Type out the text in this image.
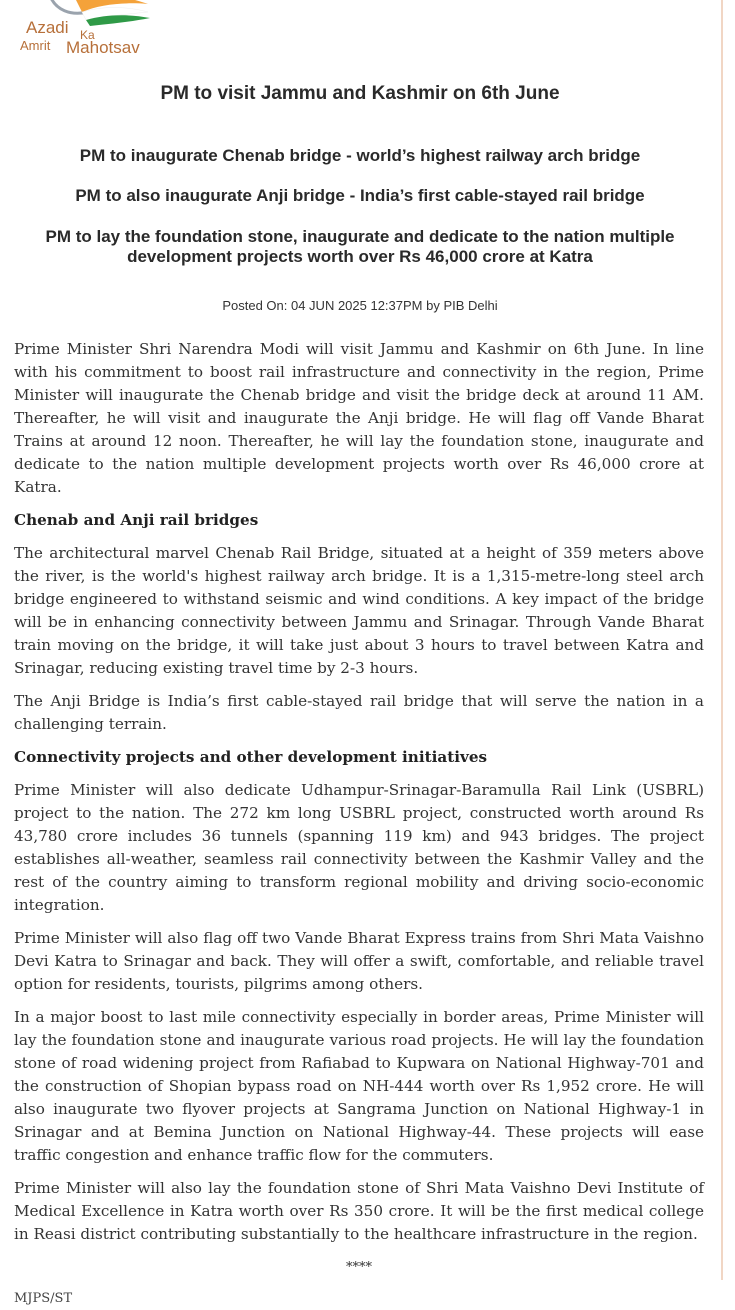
Azadi Ka
Amrit Mahotsav
PM to visit Jammu and Kashmir on 6th June
PM to inaugurate Chenab bridge - world’s highest railway arch bridge
PM to also inaugurate Anji bridge - India’s first cable-stayed rail bridge
PM to lay the foundation stone, inaugurate and dedicate to the nation multiple development projects worth over Rs 46,000 crore at Katra
Posted On: 04 JUN 2025 12:37PM by PIB Delhi

Prime Minister Shri Narendra Modi will visit Jammu and Kashmir on 6th June. In line with his commitment to boost rail infrastructure and connectivity in the region, Prime Minister will inaugurate the Chenab bridge and visit the bridge deck at around 11 AM. Thereafter, he will visit and inaugurate the Anji bridge. He will flag off Vande Bharat Trains at around 12 noon. Thereafter, he will lay the foundation stone, inaugurate and dedicate to the nation multiple development projects worth over Rs 46,000 crore at Katra.

Chenab and Anji rail bridges

The architectural marvel Chenab Rail Bridge, situated at a height of 359 meters above the river, is the world's highest railway arch bridge. It is a 1,315-metre-long steel arch bridge engineered to withstand seismic and wind conditions. A key impact of the bridge will be in enhancing connectivity between Jammu and Srinagar. Through Vande Bharat train moving on the bridge, it will take just about 3 hours to travel between Katra and Srinagar, reducing existing travel time by 2-3 hours.

The Anji Bridge is India’s first cable-stayed rail bridge that will serve the nation in a challenging terrain.

Connectivity projects and other development initiatives

Prime Minister will also dedicate Udhampur-Srinagar-Baramulla Rail Link (USBRL) project to the nation. The 272 km long USBRL project, constructed worth around Rs 43,780 crore includes 36 tunnels (spanning 119 km) and 943 bridges. The project establishes all-weather, seamless rail connectivity between the Kashmir Valley and the rest of the country aiming to transform regional mobility and driving socio-economic integration.

Prime Minister will also flag off two Vande Bharat Express trains from Shri Mata Vaishno Devi Katra to Srinagar and back. They will offer a swift, comfortable, and reliable travel option for residents, tourists, pilgrims among others.

In a major boost to last mile connectivity especially in border areas, Prime Minister will lay the foundation stone and inaugurate various road projects. He will lay the foundation stone of road widening project from Rafiabad to Kupwara on National Highway-701 and the construction of Shopian bypass road on NH-444 worth over Rs 1,952 crore. He will also inaugurate two flyover projects at Sangrama Junction on National Highway-1 in Srinagar and at Bemina Junction on National Highway-44. These projects will ease traffic congestion and enhance traffic flow for the commuters.

Prime Minister will also lay the foundation stone of Shri Mata Vaishno Devi Institute of Medical Excellence in Katra worth over Rs 350 crore. It will be the first medical college in Reasi district contributing substantially to the healthcare infrastructure in the region.

****
MJPS/ST
